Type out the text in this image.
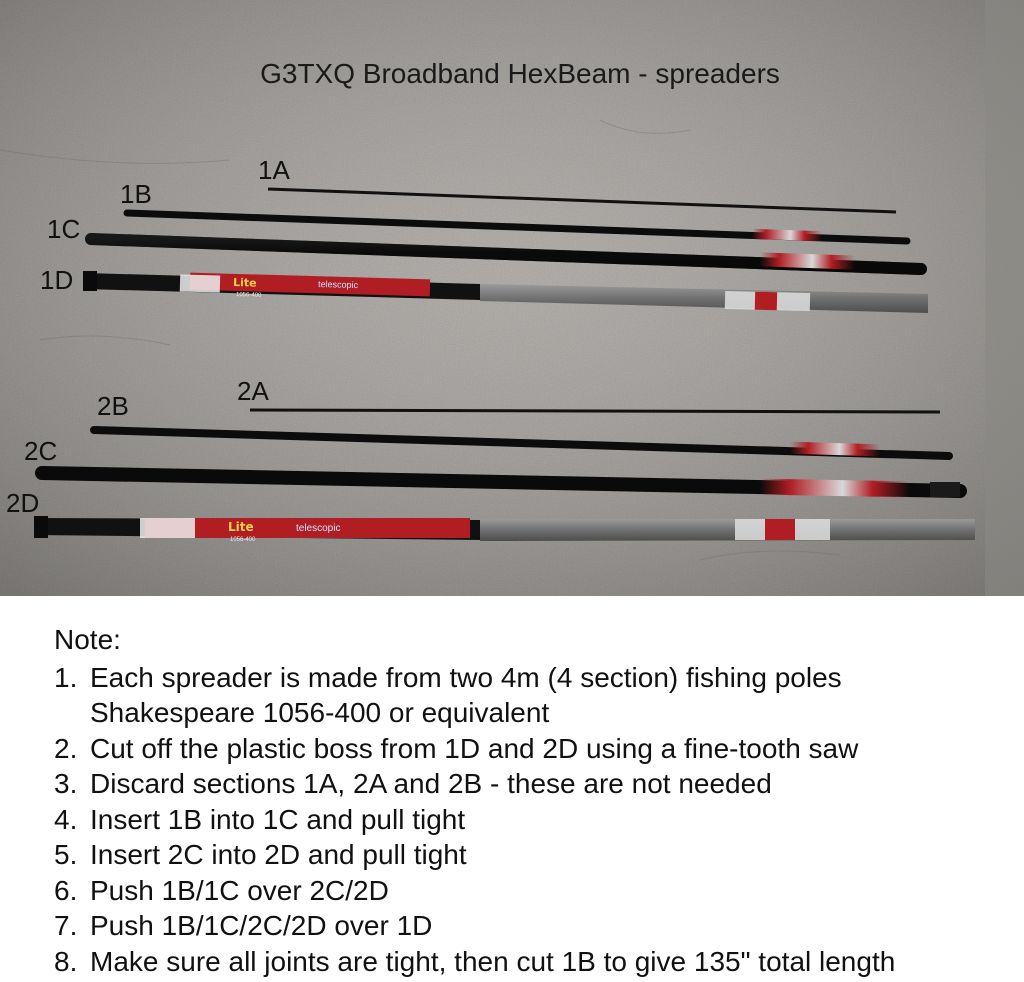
Lite
1056-400
telescopic
Lite
1056-400
telescopic
G3TXQ Broadband HexBeam - spreaders
1A
1B
1C
1D
2A
2B
2C
2D
Note:
1. Each spreader is made from two 4m (4 section) fishing poles
Shakespeare 1056-400 or equivalent
2. Cut off the plastic boss from 1D and 2D using a fine-tooth saw
3. Discard sections 1A, 2A and 2B - these are not needed
4. Insert 1B into 1C and pull tight
5. Insert 2C into 2D and pull tight
6. Push 1B/1C over 2C/2D
7. Push 1B/1C/2C/2D over 1D
8. Make sure all joints are tight, then cut 1B to give 135" total length
